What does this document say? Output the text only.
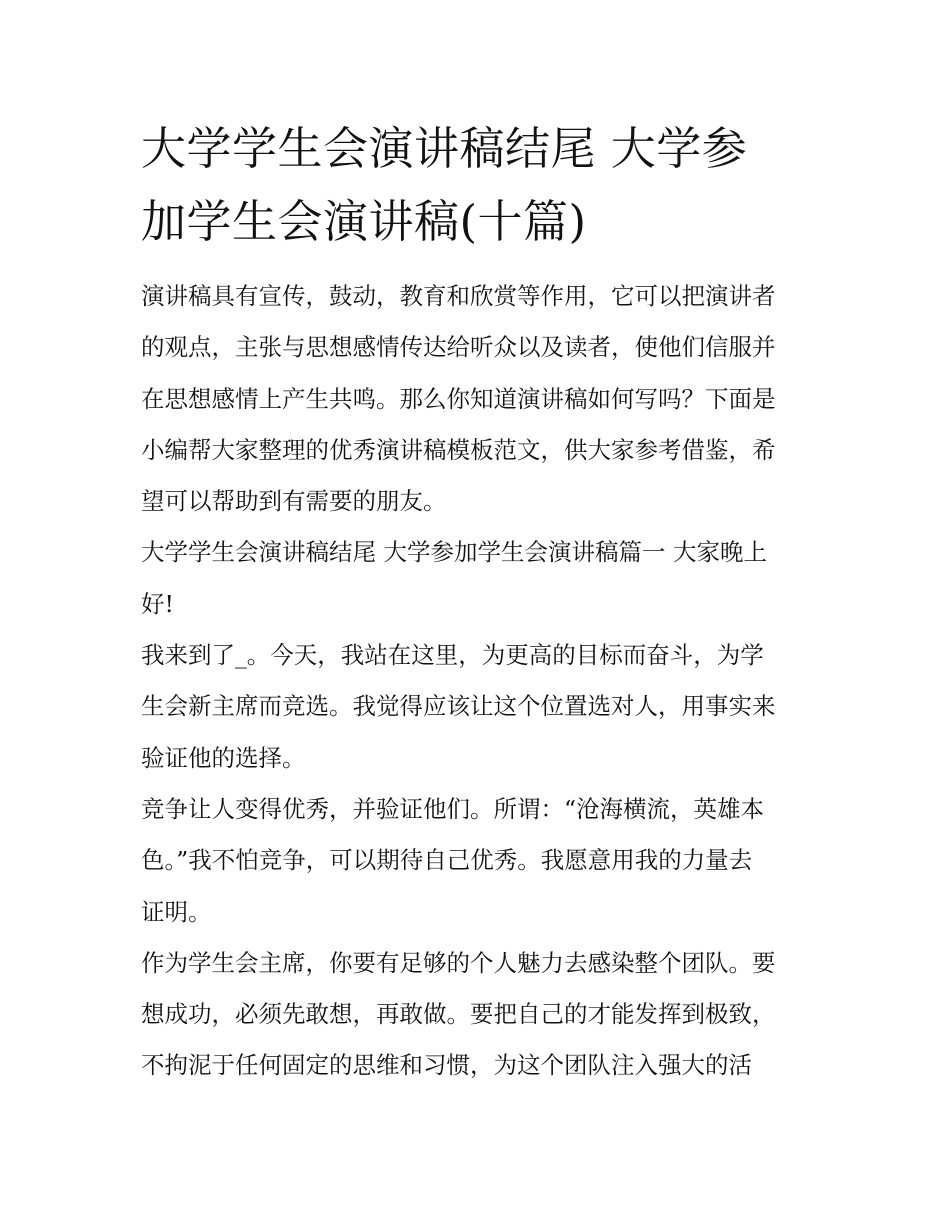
大学学生会演讲稿结尾 大学参
加学生会演讲稿(十篇)

演讲稿具有宣传，鼓动，教育和欣赏等作用，它可以把演讲者
的观点，主张与思想感情传达给听众以及读者，使他们信服并
在思想感情上产生共鸣。那么你知道演讲稿如何写吗？下面是
小编帮大家整理的优秀演讲稿模板范文，供大家参考借鉴，希
望可以帮助到有需要的朋友。

大学学生会演讲稿结尾 大学参加学生会演讲稿篇一 大家晚上
好!

我来到了_。今天，我站在这里，为更高的目标而奋斗，为学
生会新主席而竞选。我觉得应该让这个位置选对人，用事实来
验证他的选择。

竞争让人变得优秀，并验证他们。所谓：“沧海横流，英雄本
色。”我不怕竞争，可以期待自己优秀。我愿意用我的力量去
证明。

作为学生会主席，你要有足够的个人魅力去感染整个团队。要
想成功，必须先敢想，再敢做。要把自己的才能发挥到极致，
不拘泥于任何固定的思维和习惯，为这个团队注入强大的活
